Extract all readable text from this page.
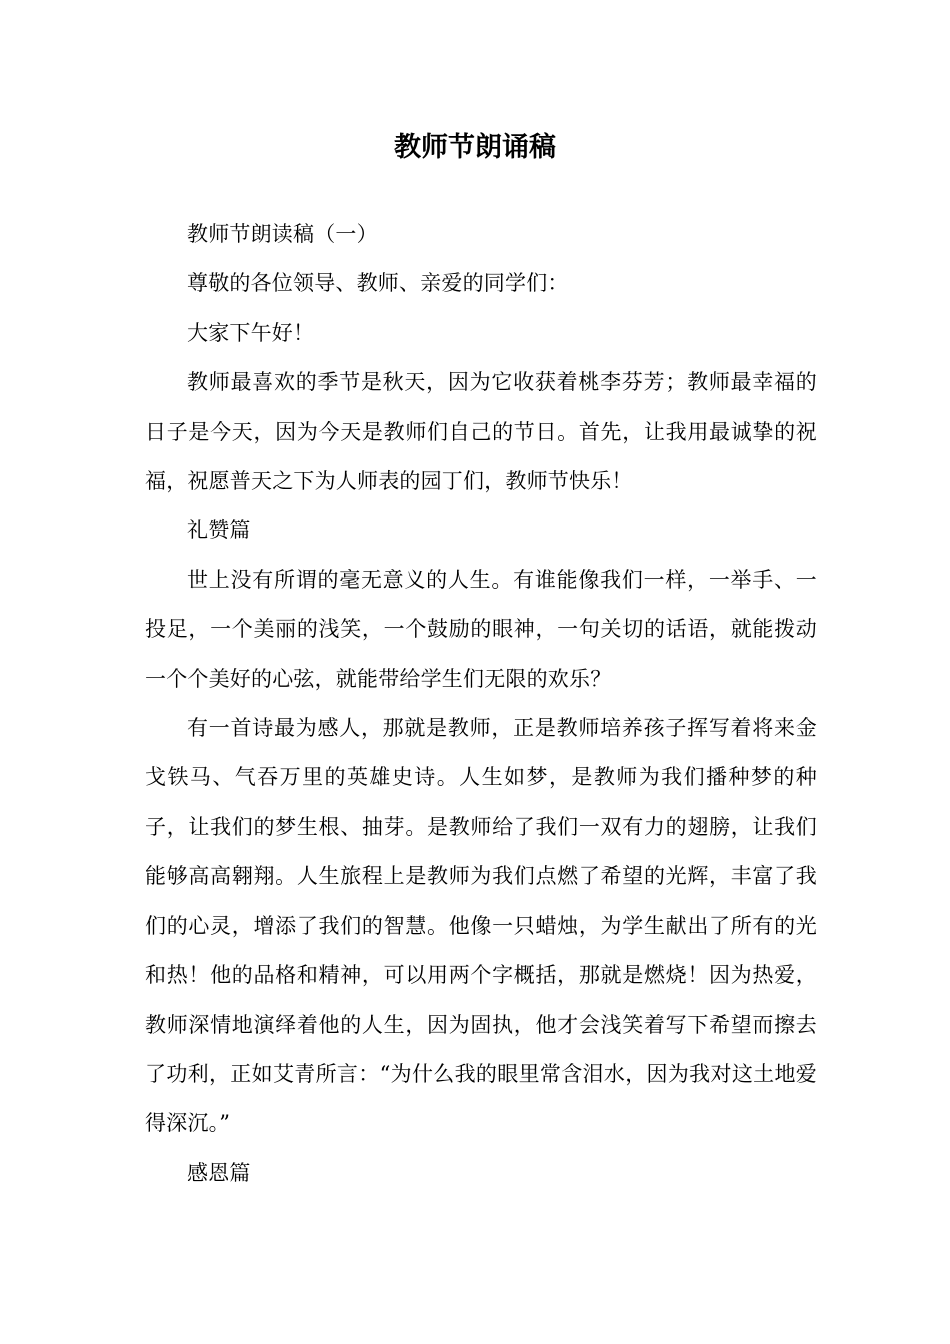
教师节朗诵稿

教师节朗读稿（一）

尊敬的各位领导、教师、亲爱的同学们：

大家下午好！

教师最喜欢的季节是秋天，因为它收获着桃李芬芳；教师最幸福的日子是今天，因为今天是教师们自己的节日。首先，让我用最诚挚的祝福，祝愿普天之下为人师表的园丁们，教师节快乐！

礼赞篇

世上没有所谓的毫无意义的人生。有谁能像我们一样，一举手、一投足，一个美丽的浅笑，一个鼓励的眼神，一句关切的话语，就能拨动一个个美好的心弦，就能带给学生们无限的欢乐？

有一首诗最为感人，那就是教师，正是教师培养孩子挥写着将来金戈铁马、气吞万里的英雄史诗。人生如梦，是教师为我们播种梦的种子，让我们的梦生根、抽芽。是教师给了我们一双有力的翅膀，让我们能够高高翱翔。人生旅程上是教师为我们点燃了希望的光辉，丰富了我们的心灵，增添了我们的智慧。他像一只蜡烛，为学生献出了所有的光和热！他的品格和精神，可以用两个字概括，那就是燃烧！因为热爱，教师深情地演绎着他的人生，因为固执，他才会浅笑着写下希望而擦去了功利，正如艾青所言：“为什么我的眼里常含泪水，因为我对这土地爱得深沉。”

感恩篇
